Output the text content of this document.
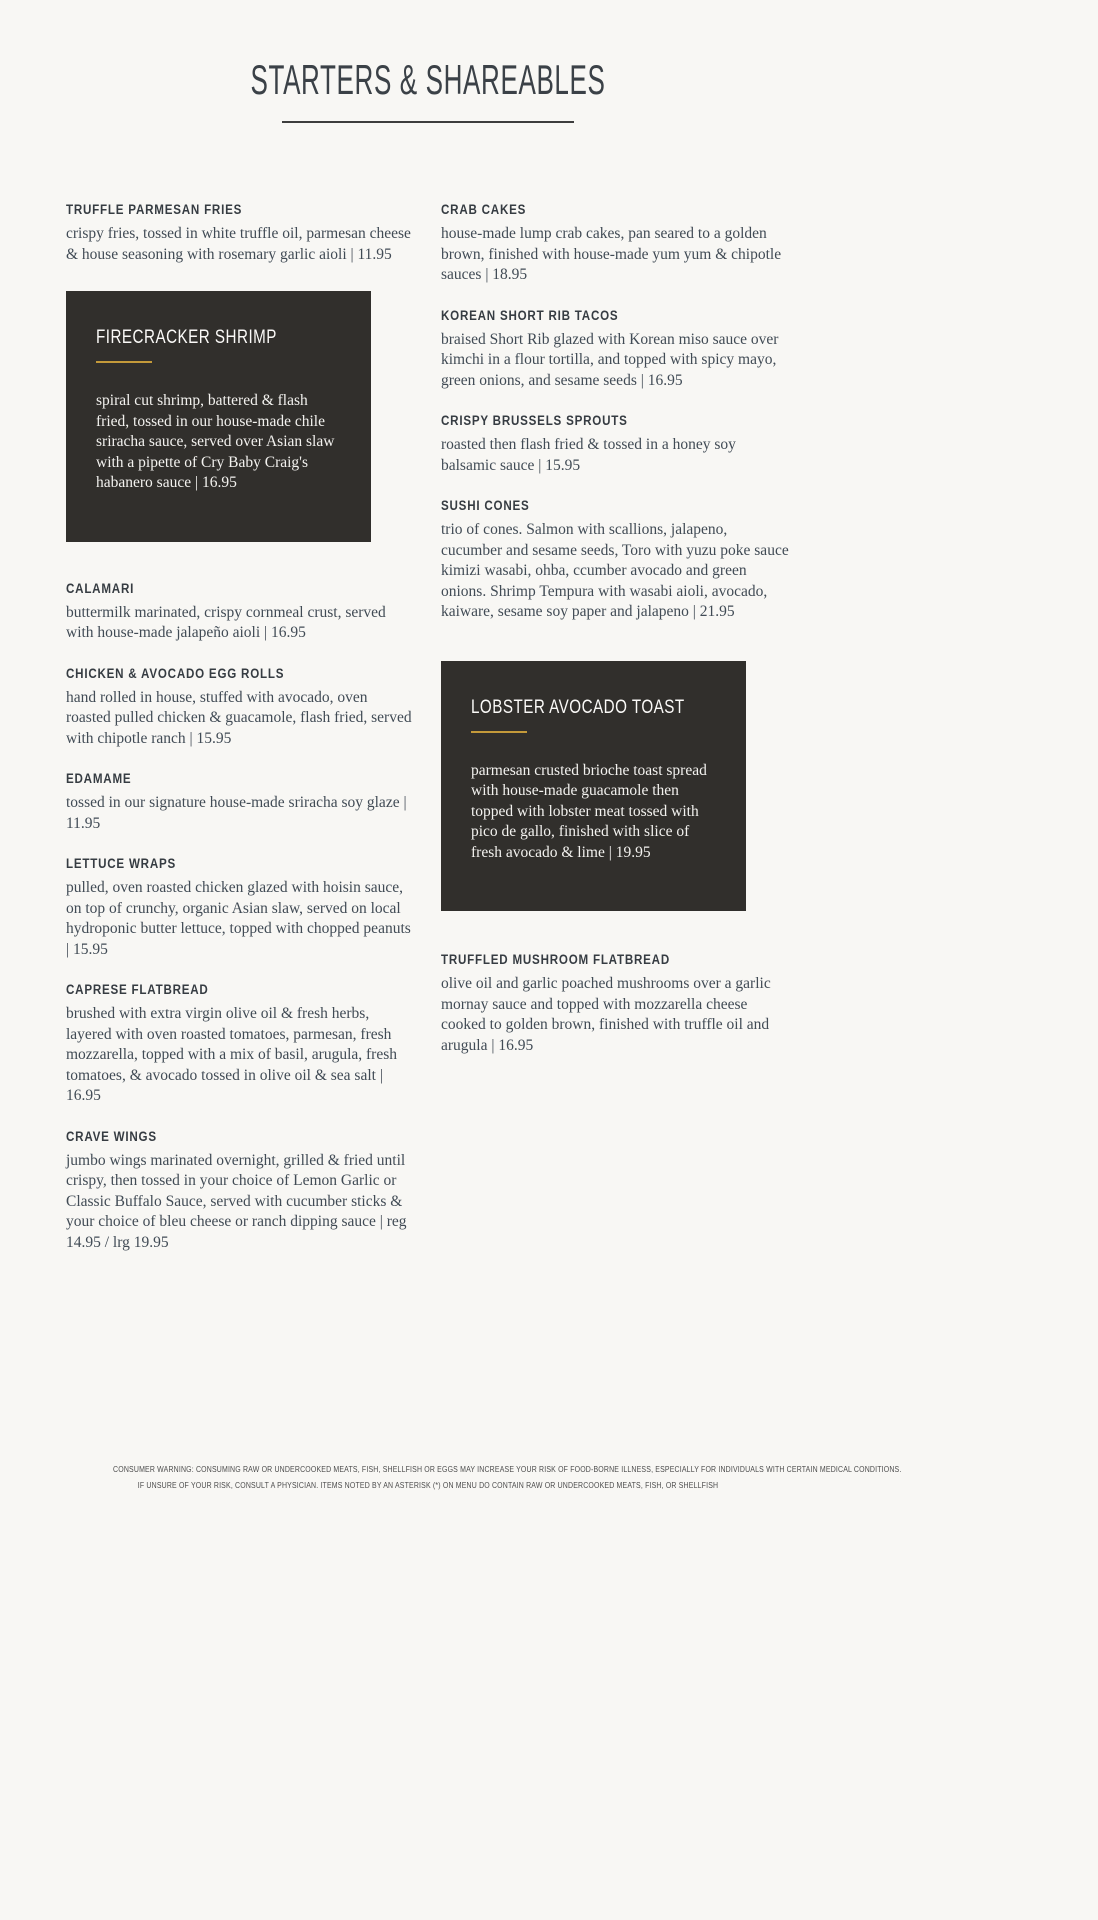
STARTERS & SHAREABLES
TRUFFLE PARMESAN FRIES

crispy fries, tossed in white truffle oil, parmesan cheese & house seasoning with rosemary garlic aioli | 11.95

FIRECRACKER SHRIMP

spiral cut shrimp, battered & flash fried, tossed in our house-made chile sriracha sauce, served over Asian slaw with a pipette of Cry Baby Craig's habanero sauce | 16.95

CALAMARI

buttermilk marinated, crispy cornmeal crust, served with house-made jalapeño aioli | 16.95

CHICKEN & AVOCADO EGG ROLLS

hand rolled in house, stuffed with avocado, oven roasted pulled chicken & guacamole, flash fried, served with chipotle ranch | 15.95

EDAMAME

tossed in our signature house-made sriracha soy glaze | 11.95

LETTUCE WRAPS

pulled, oven roasted chicken glazed with hoisin sauce, on top of crunchy, organic Asian slaw, served on local hydroponic butter lettuce, topped with chopped peanuts | 15.95

CAPRESE FLATBREAD

brushed with extra virgin olive oil & fresh herbs, layered with oven roasted tomatoes, parmesan, fresh mozzarella, topped with a mix of basil, arugula, fresh tomatoes, & avocado tossed in olive oil & sea salt | 16.95

CRAVE WINGS

jumbo wings marinated overnight, grilled & fried until crispy, then tossed in your choice of Lemon Garlic or Classic Buffalo Sauce, served with cucumber sticks & your choice of bleu cheese or ranch dipping sauce | reg 14.95 / lrg 19.95

CRAB CAKES

house-made lump crab cakes, pan seared to a golden brown, finished with house-made yum yum & chipotle sauces | 18.95

KOREAN SHORT RIB TACOS

braised Short Rib glazed with Korean miso sauce over kimchi in a flour tortilla, and topped with spicy mayo, green onions, and sesame seeds | 16.95

CRISPY BRUSSELS SPROUTS

roasted then flash fried & tossed in a honey soy balsamic sauce | 15.95

SUSHI CONES

trio of cones. Salmon with scallions, jalapeno, cucumber and sesame seeds, Toro with yuzu poke sauce kimizi wasabi, ohba, ccumber avocado and green onions. Shrimp Tempura with wasabi aioli, avocado, kaiware, sesame soy paper and jalapeno | 21.95

LOBSTER AVOCADO TOAST

parmesan crusted brioche toast spread with house-made guacamole then topped with lobster meat tossed with pico de gallo, finished with slice of fresh avocado & lime | 19.95

TRUFFLED MUSHROOM FLATBREAD

olive oil and garlic poached mushrooms over a garlic mornay sauce and topped with mozzarella cheese cooked to golden brown, finished with truffle oil and arugula | 16.95

CONSUMER WARNING: CONSUMING RAW OR UNDERCOOKED MEATS, FISH, SHELLFISH OR EGGS MAY INCREASE YOUR RISK OF FOOD-BORNE ILLNESS, ESPECIALLY FOR INDIVIDUALS WITH CERTAIN MEDICAL CONDITIONS.

IF UNSURE OF YOUR RISK, CONSULT A PHYSICIAN. ITEMS NOTED BY AN ASTERISK (*) ON MENU DO CONTAIN RAW OR UNDERCOOKED MEATS, FISH, OR SHELLFISH
